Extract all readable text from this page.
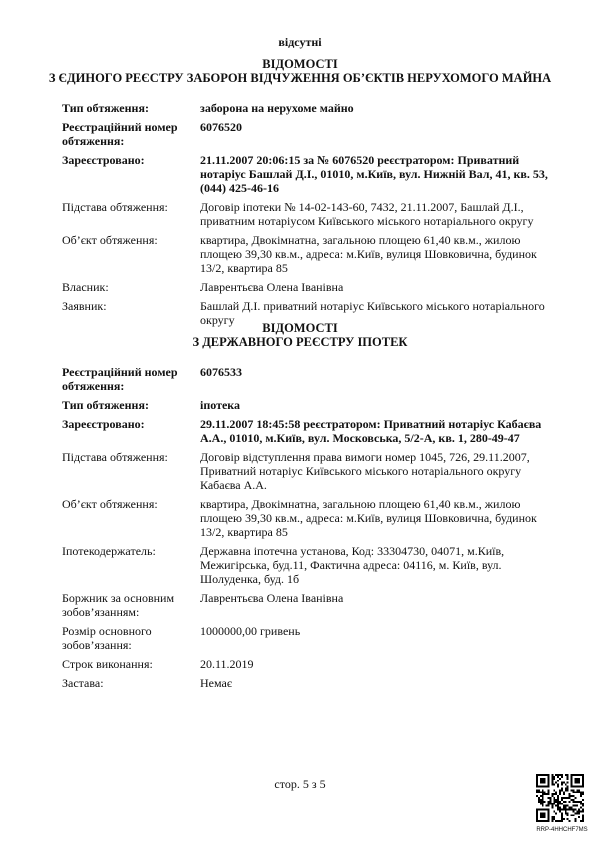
відсутні
ВІДОМОСТІ
З ЄДИНОГО РЕЄСТРУ ЗАБОРОН ВІДЧУЖЕННЯ ОБ’ЄКТІВ НЕРУХОМОГО МАЙНА
Тип обтяження:	заборона на нерухоме майно
Реєстраційний номер обтяження:
6076520
Зареєстровано:	21.11.2007 20:06:15 за № 6076520 реєстратором: Приватний нотаріус Башлай Д.І., 01010, м.Київ, вул. Нижній Вал, 41, кв. 53, (044) 425-46-16
Підстава обтяження:	Договір іпотеки № 14-02-143-60, 7432, 21.11.2007, Башлай Д.І., приватним нотаріусом Київського міського нотаріального округу
Об’єкт обтяження:	квартира, Двокімнатна, загальною площею 61,40 кв.м., жилою площею 39,30 кв.м., адреса: м.Київ, вулиця Шовковична, будинок 13/2, квартира 85
Власник:	Лаврентьєва Олена Іванівна
Заявник:	Башлай Д.І. приватний нотаріус Київського міського нотаріального округу
ВІДОМОСТІ
З ДЕРЖАВНОГО РЕЄСТРУ ІПОТЕК
Реєстраційний номер обтяження:
6076533
Тип обтяження:	іпотека
Зареєстровано:	29.11.2007 18:45:58 реєстратором: Приватний нотаріус Кабаєва А.А., 01010, м.Київ, вул. Московська, 5/2-А, кв. 1, 280-49-47
Підстава обтяження:	Договір відступлення права вимоги номер 1045, 726, 29.11.2007, Приватний нотаріус Київського міського нотаріального округу Кабаєва А.А.
Об’єкт обтяження:	квартира, Двокімнатна, загальною площею 61,40 кв.м., жилою площею 39,30 кв.м., адреса: м.Київ, вулиця Шовковична, будинок 13/2, квартира 85
Іпотекодержатель:	Державна іпотечна установа, Код: 33304730, 04071, м.Київ, Межигірська, буд.11, Фактична адреса: 04116, м. Київ, вул. Шолуденка, буд. 1б
Боржник за основним зобов’язанням:
Лаврентьєва Олена Іванівна
Розмір основного зобов’язання:
1000000,00 гривень
Строк виконання:	20.11.2019
Застава:	Немає
стор. 5 з 5
RRP-4HHCHF7MS
